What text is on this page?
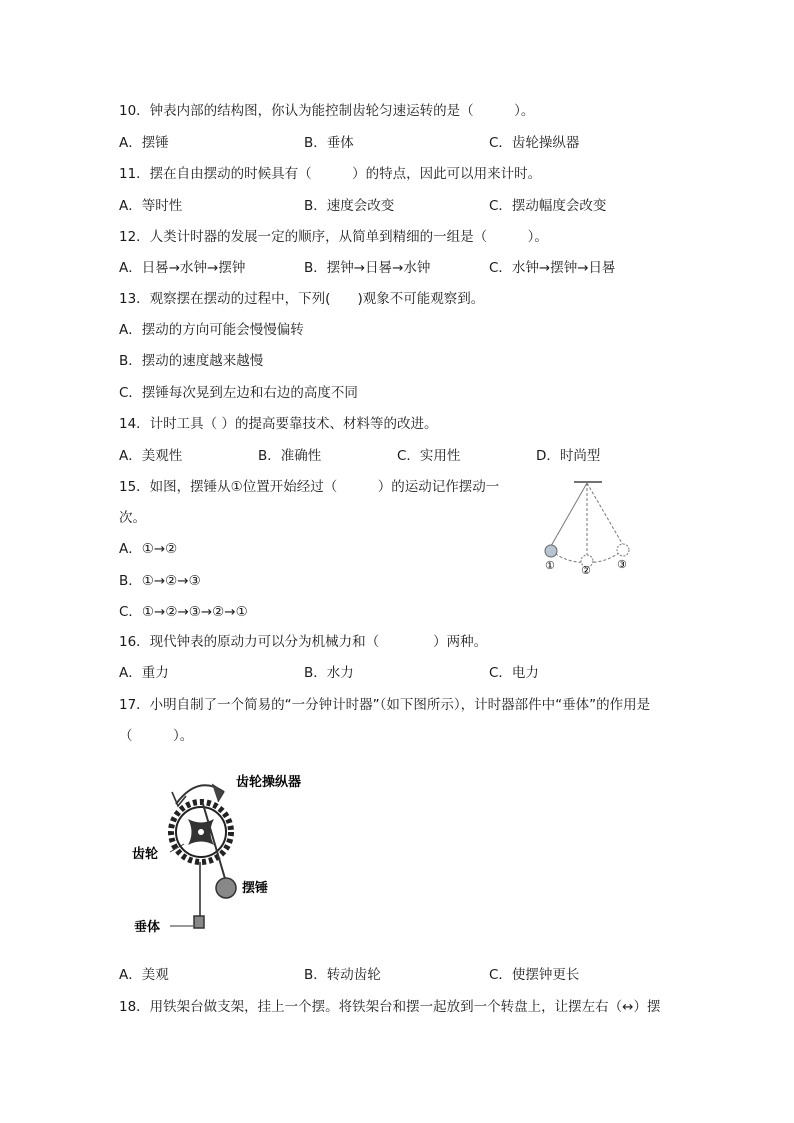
10．钟表内部的结构图，你认为能控制齿轮匀速运转的是（　　　）。
A．摆锤	B．垂体	C．齿轮操纵器
11．摆在自由摆动的时候具有（　　　）的特点，因此可以用来计时。
A．等时性	B．速度会改变	C．摆动幅度会改变
12．人类计时器的发展一定的顺序，从简单到精细的一组是（　　　）。
A．日晷→水钟→摆钟	B．摆钟→日晷→水钟	C．水钟→摆钟→日晷
13．观察摆在摆动的过程中，下列(　　)观象不可能观察到。
A．摆动的方向可能会慢慢偏转
B．摆动的速度越来越慢
C．摆锤每次晃到左边和右边的高度不同
14．计时工具（ ）的提高要靠技术、材料等的改进。
A．美观性	B．准确性	C．实用性	D．时尚型
15．如图，摆锤从①位置开始经过（　　　）的运动记作摆动一
次。
A．①→②
B．①→②→③
C．①→②→③→②→①
① ② ③
16．现代钟表的原动力可以分为机械力和（　　　　）两种。
A．重力	B．水力	C．电力
17．小明自制了一个简易的“一分钟计时器”（如下图所示），计时器部件中“垂体”的作用是
（　　　）。
齿轮操纵器
齿轮
摆锤
垂体
A．美观	B．转动齿轮	C．使摆钟更长
18．用铁架台做支架，挂上一个摆。将铁架台和摆一起放到一个转盘上，让摆左右（↔）摆
